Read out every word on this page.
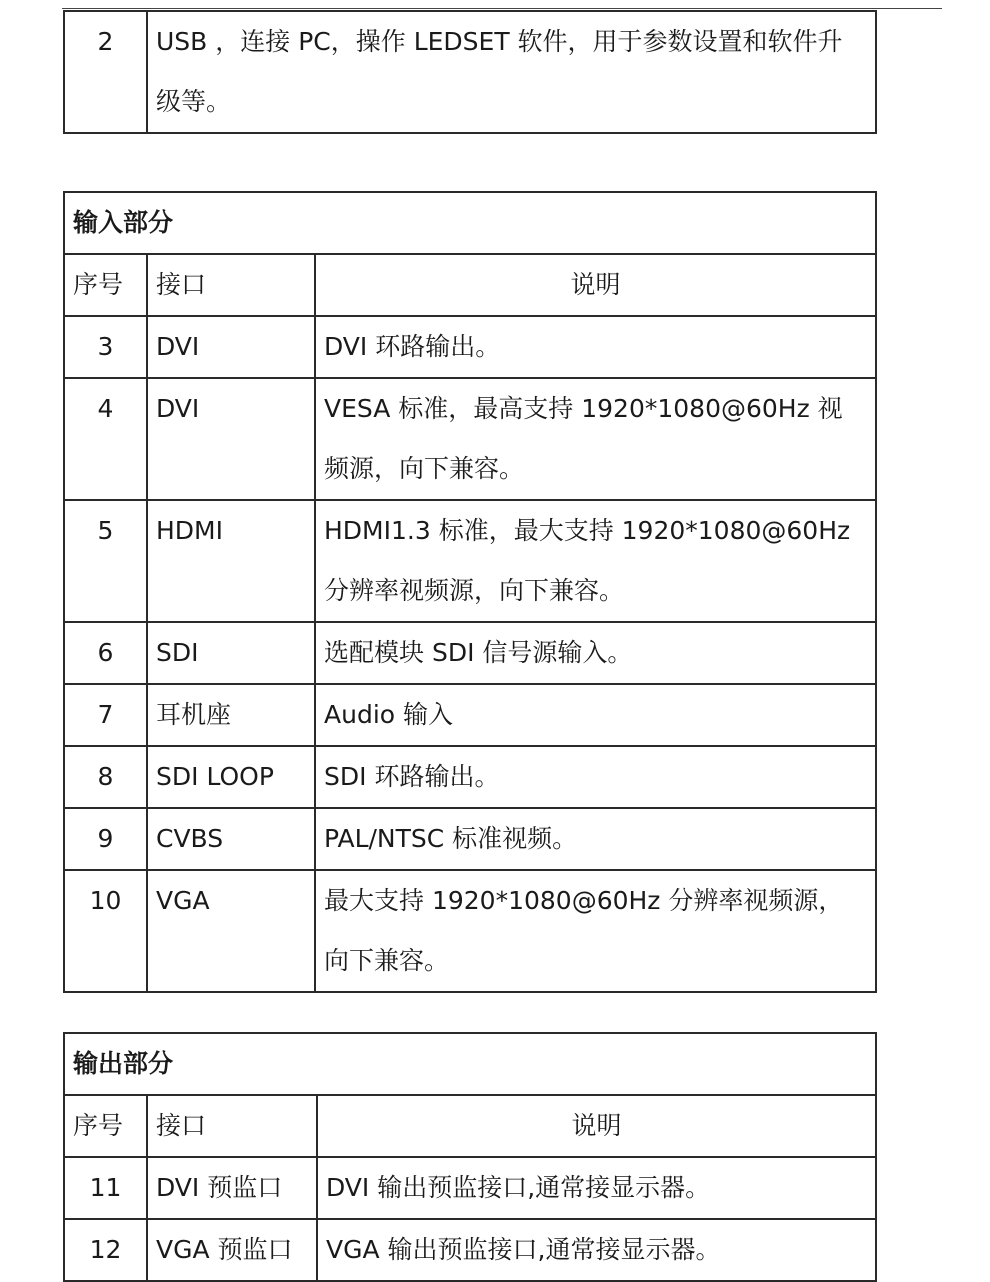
2	USB ，连接 PC，操作 LEDSET 软件，用于参数设置和软件升级等。
输入部分		
序号	接口	说明
3	DVI	DVI 环路输出。
4	DVI	VESA 标准，最高支持 1920*1080@60Hz 视频源，向下兼容。
5	HDMI	HDMI1.3 标准，最大支持 1920*1080@60Hz 分辨率视频源，向下兼容。
6	SDI	选配模块 SDI 信号源输入。
7	耳机座	Audio 输入
8	SDI LOOP	SDI 环路输出。
9	CVBS	PAL/NTSC 标准视频。
10	VGA	最大支持 1920*1080@60Hz 分辨率视频源，向下兼容。
输出部分		
序号	接口	说明
11	DVI 预监口	DVI 输出预监接口,通常接显示器。
12	VGA 预监口	VGA 输出预监接口,通常接显示器。
